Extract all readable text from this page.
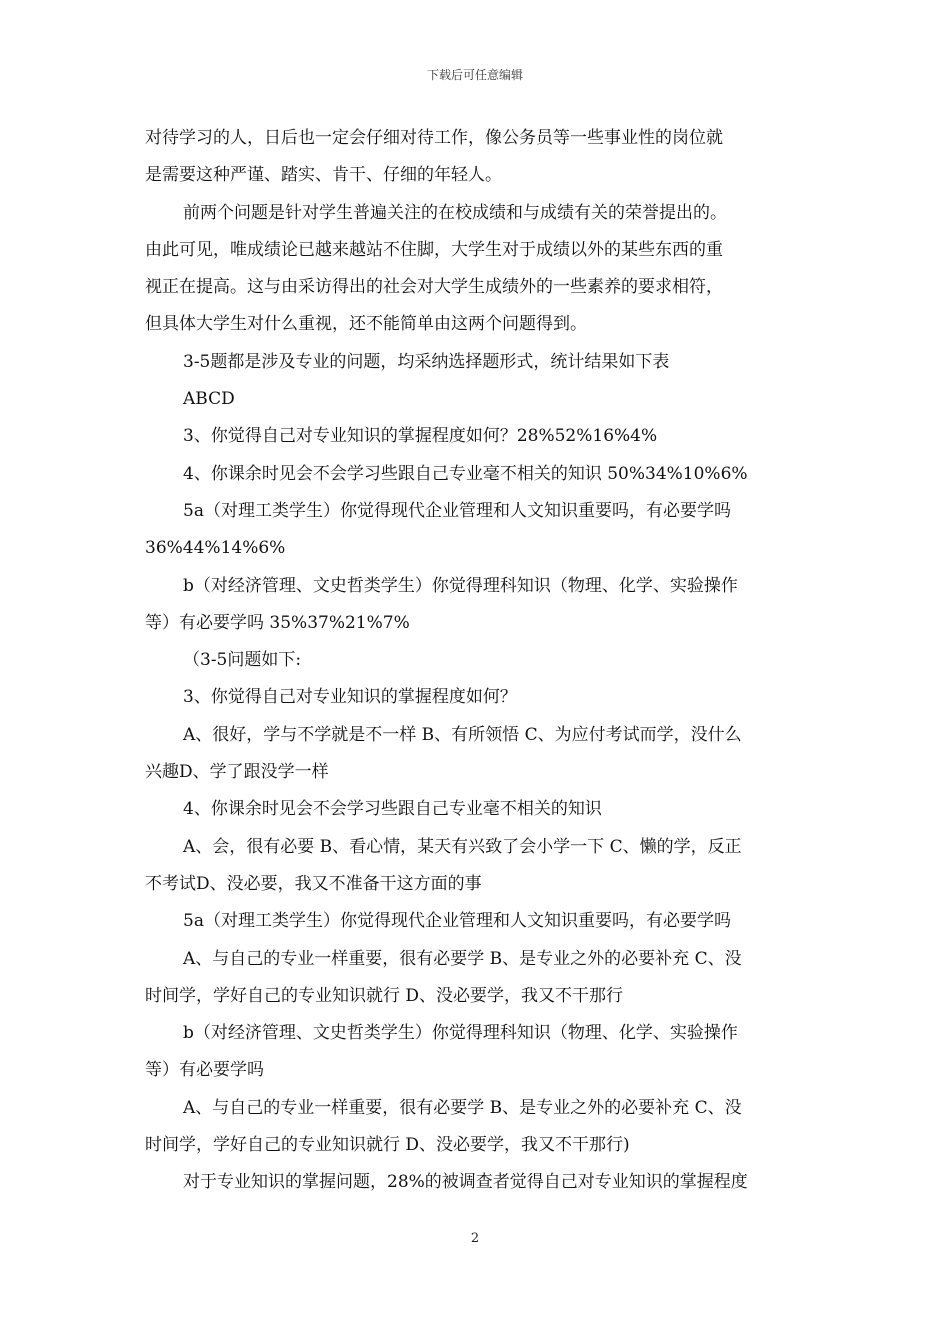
下载后可任意编辑
对待学习的人，日后也一定会仔细对待工作，像公务员等一些事业性的岗位就
是需要这种严谨、踏实、肯干、仔细的年轻人。
前两个问题是针对学生普遍关注的在校成绩和与成绩有关的荣誉提出的。
由此可见，唯成绩论已越来越站不住脚，大学生对于成绩以外的某些东西的重
视正在提高。这与由采访得出的社会对大学生成绩外的一些素养的要求相符，
但具体大学生对什么重视，还不能简单由这两个问题得到。
3-5题都是涉及专业的问题，均采纳选择题形式，统计结果如下表
ABCD
3、你觉得自己对专业知识的掌握程度如何？28%52%16%4%
4、你课余时见会不会学习些跟自己专业毫不相关的知识 50%34%10%6%
5a（对理工类学生）你觉得现代企业管理和人文知识重要吗，有必要学吗
36%44%14%6%
b（对经济管理、文史哲类学生）你觉得理科知识（物理、化学、实验操作
等）有必要学吗 35%37%21%7%
（3-5问题如下:
3、你觉得自己对专业知识的掌握程度如何？
A、很好，学与不学就是不一样 B、有所领悟 C、为应付考试而学，没什么
兴趣D、学了跟没学一样
4、你课余时见会不会学习些跟自己专业毫不相关的知识
A、会，很有必要 B、看心情，某天有兴致了会小学一下 C、懒的学，反正
不考试D、没必要，我又不准备干这方面的事
5a（对理工类学生）你觉得现代企业管理和人文知识重要吗，有必要学吗
A、与自己的专业一样重要，很有必要学 B、是专业之外的必要补充 C、没
时间学，学好自己的专业知识就行 D、没必要学，我又不干那行
b（对经济管理、文史哲类学生）你觉得理科知识（物理、化学、实验操作
等）有必要学吗
A、与自己的专业一样重要，很有必要学 B、是专业之外的必要补充 C、没
时间学，学好自己的专业知识就行 D、没必要学，我又不干那行)
对于专业知识的掌握问题，28%的被调查者觉得自己对专业知识的掌握程度
2
